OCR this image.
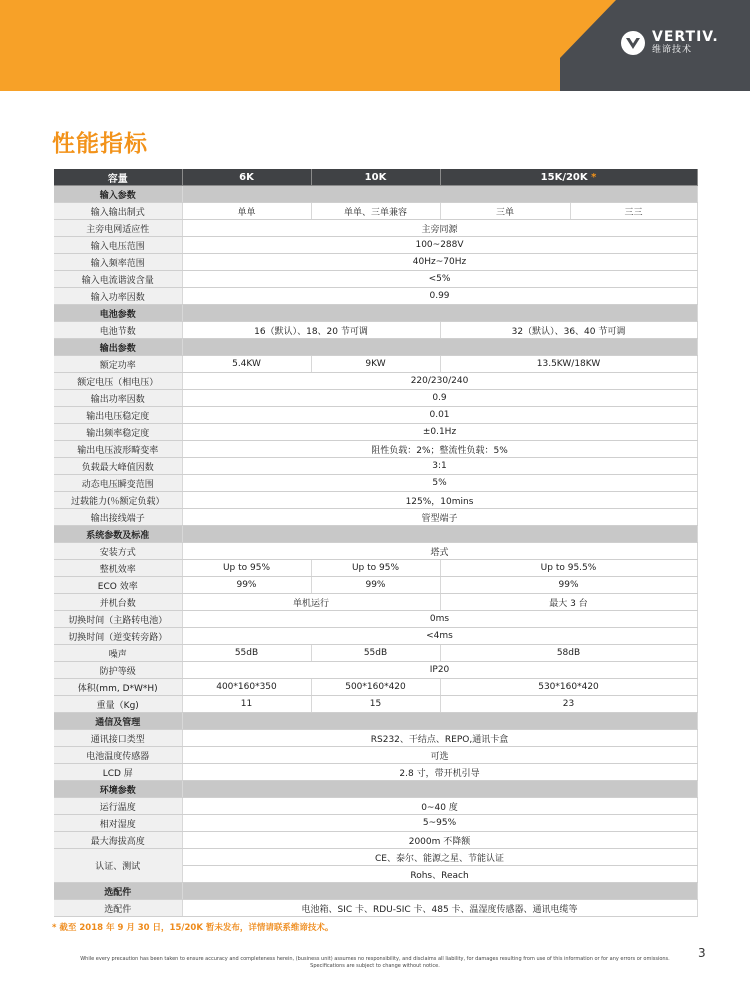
VERTIV.
维谛技术
性能指标
容量	6K	10K	15K/20K *	
输入参数				
输入输出制式	单单	单单、三单兼容	三单	三三
主旁电网适应性	主旁同源			
输入电压范围	100~288V			
输入频率范围	40Hz~70Hz			
输入电流谐波含量	<5%			
输入功率因数	0.99			
电池参数				
电池节数	16（默认）、18、20 节可调		32（默认）、36、40 节可调	
输出参数				
额定功率	5.4KW	9KW	13.5KW/18KW	
额定电压（相电压）	220/230/240			
输出功率因数	0.9			
输出电压稳定度	0.01			
输出频率稳定度	±0.1Hz			
输出电压波形畸变率	阻性负载：2%；整流性负载：5%			
负载最大峰值因数	3:1			
动态电压瞬变范围	5%			
过载能力(％额定负载）	125%，10mins			
输出接线端子	管型端子			
系统参数及标准				
安装方式	塔式			
整机效率	Up to 95%	Up to 95%	Up to 95.5%	
ECO 效率	99%	99%	99%	
并机台数	单机运行		最大 3 台	
切换时间（主路转电池）	0ms			
切换时间（逆变转旁路）	<4ms			
噪声	55dB	55dB	58dB	
防护等级	IP20			
体积(mm, D*W*H)	400*160*350	500*160*420	530*160*420	
重量（Kg)	11	15	23	
通信及管理				
通讯接口类型	RS232、干结点、REPO,通讯卡盒			
电池温度传感器	可选			
LCD 屏	2.8 寸，带开机引导			
环境参数				
运行温度	0~40 度			
相对湿度	5~95%			
最大海拔高度	2000m 不降额			
认证、测试	CE、泰尔、能源之星、节能认证			
	Rohs、Reach			
选配件				
选配件	电池箱、SIC 卡、RDU-SIC 卡、485 卡、温湿度传感器、通讯电缆等			
* 截至 2018 年 9 月 30 日，15/20K 暂未发布，详情请联系维谛技术。
While every precaution has been taken to ensure accuracy and completeness herein, (business unit) assumes no responsibility, and disclaims all liability, for damages resulting from use of this information or for any errors or omissions.
Specifications are subject to change without notice.
3
